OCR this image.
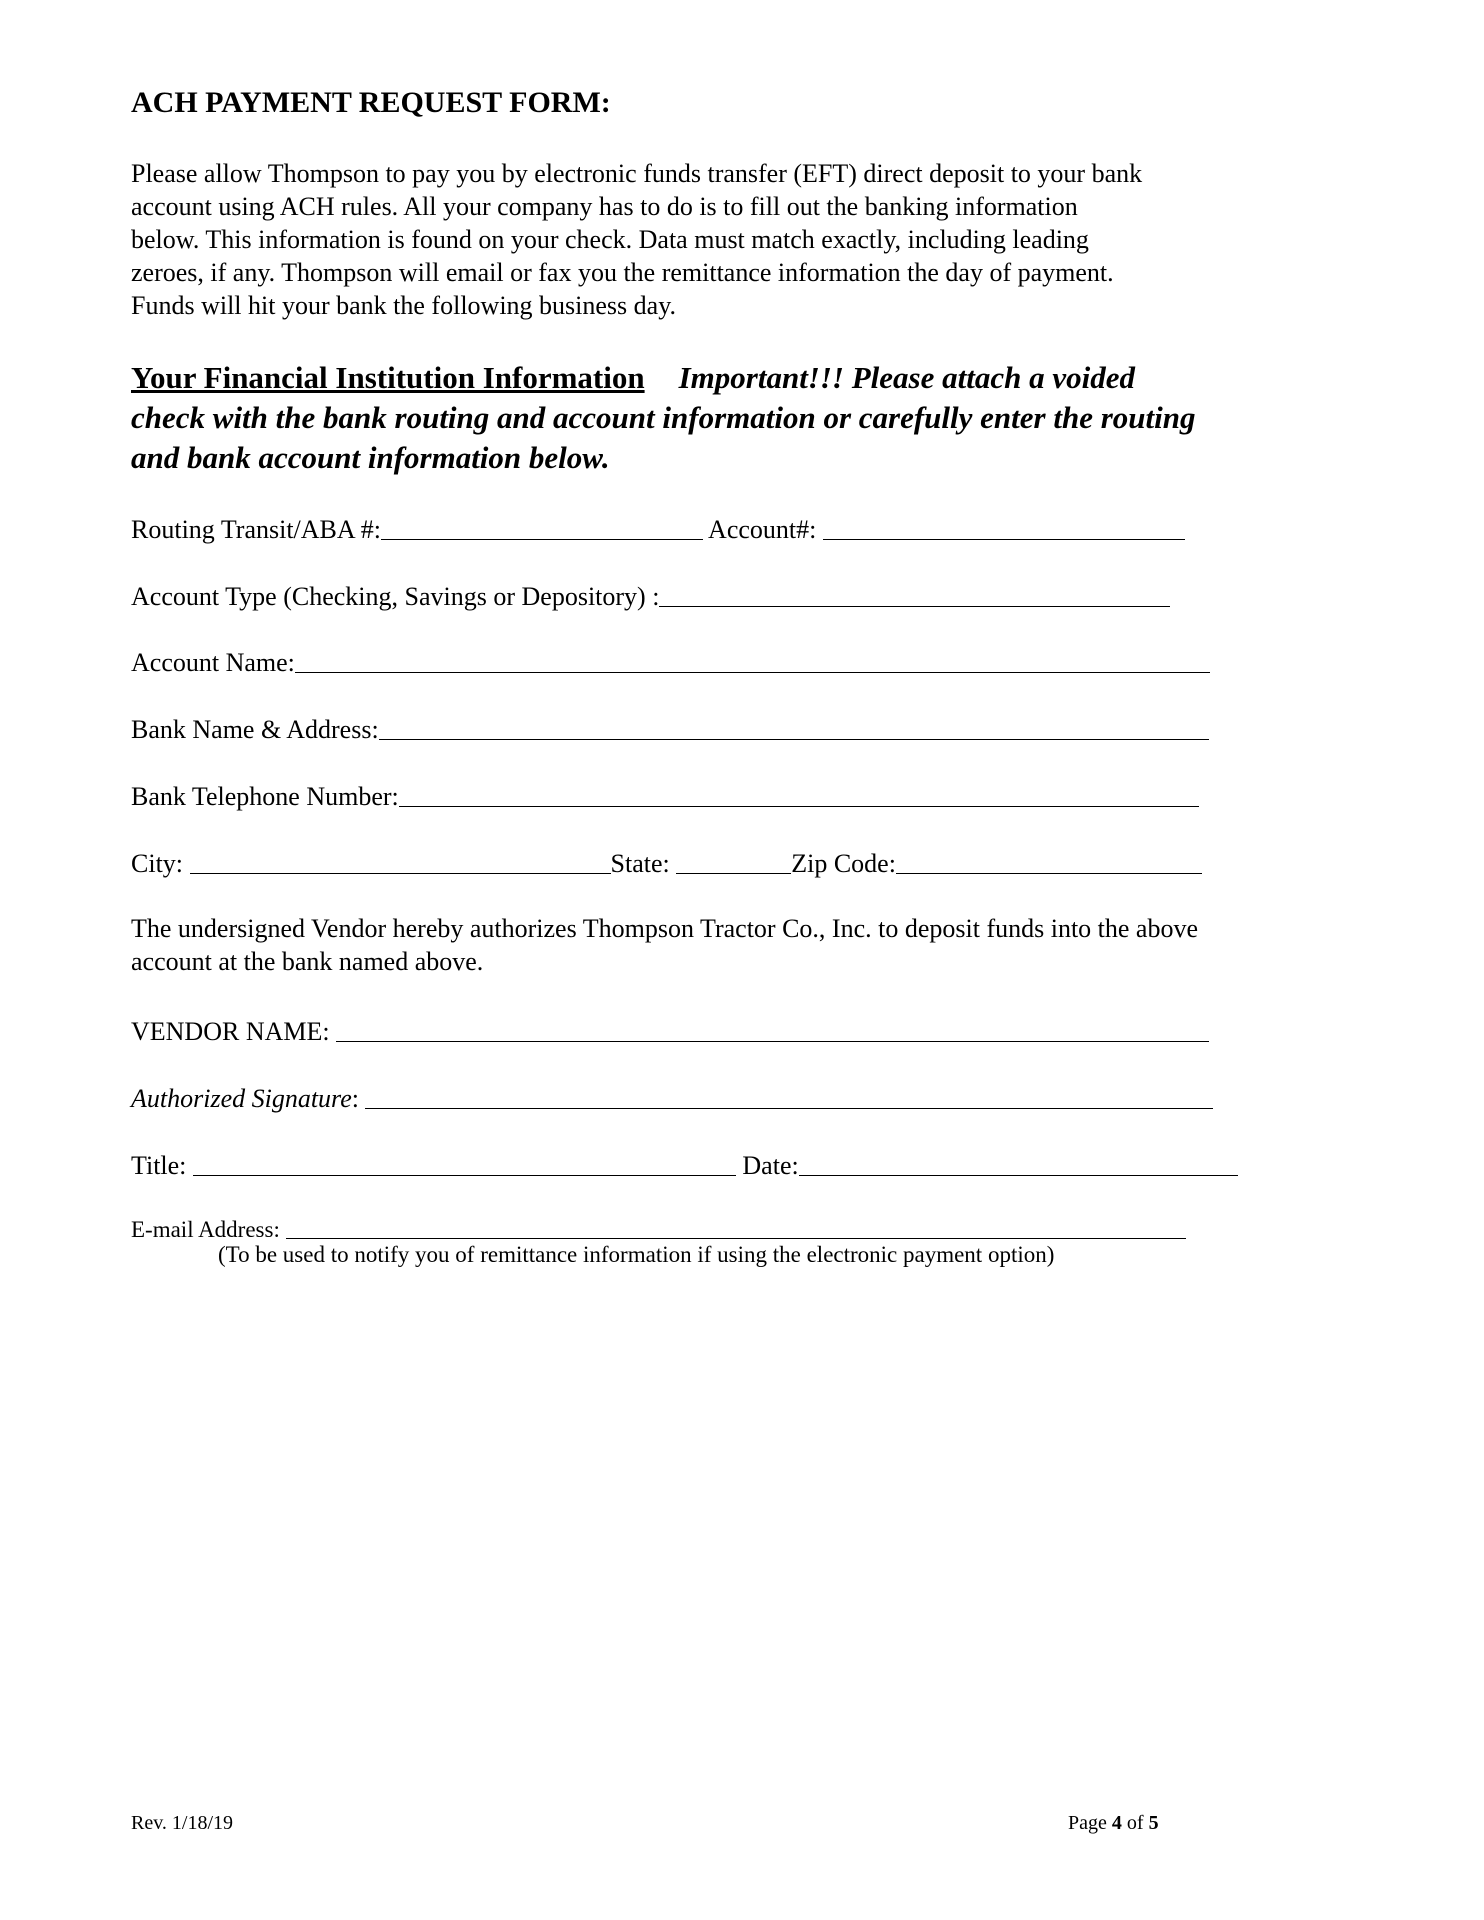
ACH PAYMENT REQUEST FORM:
Please allow Thompson to pay you by electronic funds transfer (EFT) direct deposit to your bank
account using ACH rules. All your company has to do is to fill out the banking information
below. This information is found on your check. Data must match exactly, including leading
zeroes, if any. Thompson will email or fax you the remittance information the day of payment.
Funds will hit your bank the following business day.
Your Financial Institution Information Important!!! Please attach a voided
check with the bank routing and account information or carefully enter the routing
and bank account information below.
Routing Transit/ABA #:	Account#:
Account Type (Checking, Savings or Depository) :
Account Name:
Bank Name & Address:
Bank Telephone Number:
City:	State:	Zip Code:
The undersigned Vendor hereby authorizes Thompson Tractor Co., Inc. to deposit funds into the above
account at the bank named above.
VENDOR NAME:
Authorized Signature:
Title:	Date:
E-mail Address:
(To be used to notify you of remittance information if using the electronic payment option)
Rev. 1/18/19	Page 4 of 5
